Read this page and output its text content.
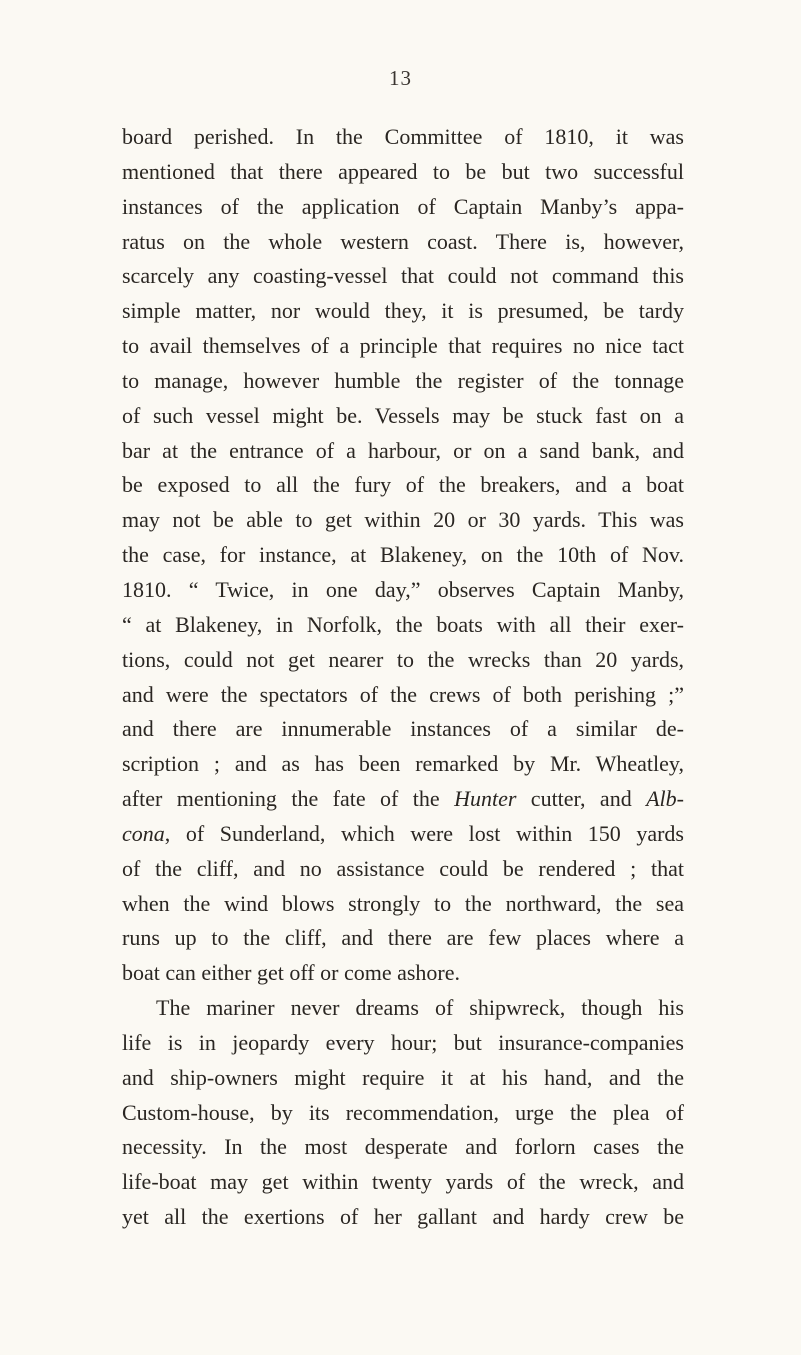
13
board perished. In the Committee of 1810, it was
mentioned that there appeared to be but two successful
instances of the application of Captain Manby’s appa-
ratus on the whole western coast. There is, however,
scarcely any coasting-vessel that could not command this
simple matter, nor would they, it is presumed, be tardy
to avail themselves of a principle that requires no nice tact
to manage, however humble the register of the tonnage
of such vessel might be. Vessels may be stuck fast on a
bar at the entrance of a harbour, or on a sand bank, and
be exposed to all the fury of the breakers, and a boat
may not be able to get within 20 or 30 yards. This was
the case, for instance, at Blakeney, on the 10th of Nov.
1810. “ Twice, in one day,” observes Captain Manby,
“ at Blakeney, in Norfolk, the boats with all their exer-
tions, could not get nearer to the wrecks than 20 yards,
and were the spectators of the crews of both perishing ;”
and there are innumerable instances of a similar de-
scription ; and as has been remarked by Mr. Wheatley,
after mentioning the fate of the Hunter cutter, and Alb-
cona, of Sunderland, which were lost within 150 yards
of the cliff, and no assistance could be rendered ; that
when the wind blows strongly to the northward, the sea
runs up to the cliff, and there are few places where a
boat can either get off or come ashore.
The mariner never dreams of shipwreck, though his
life is in jeopardy every hour; but insurance-companies
and ship-owners might require it at his hand, and the
Custom-house, by its recommendation, urge the plea of
necessity. In the most desperate and forlorn cases the
life-boat may get within twenty yards of the wreck, and
yet all the exertions of her gallant and hardy crew be
